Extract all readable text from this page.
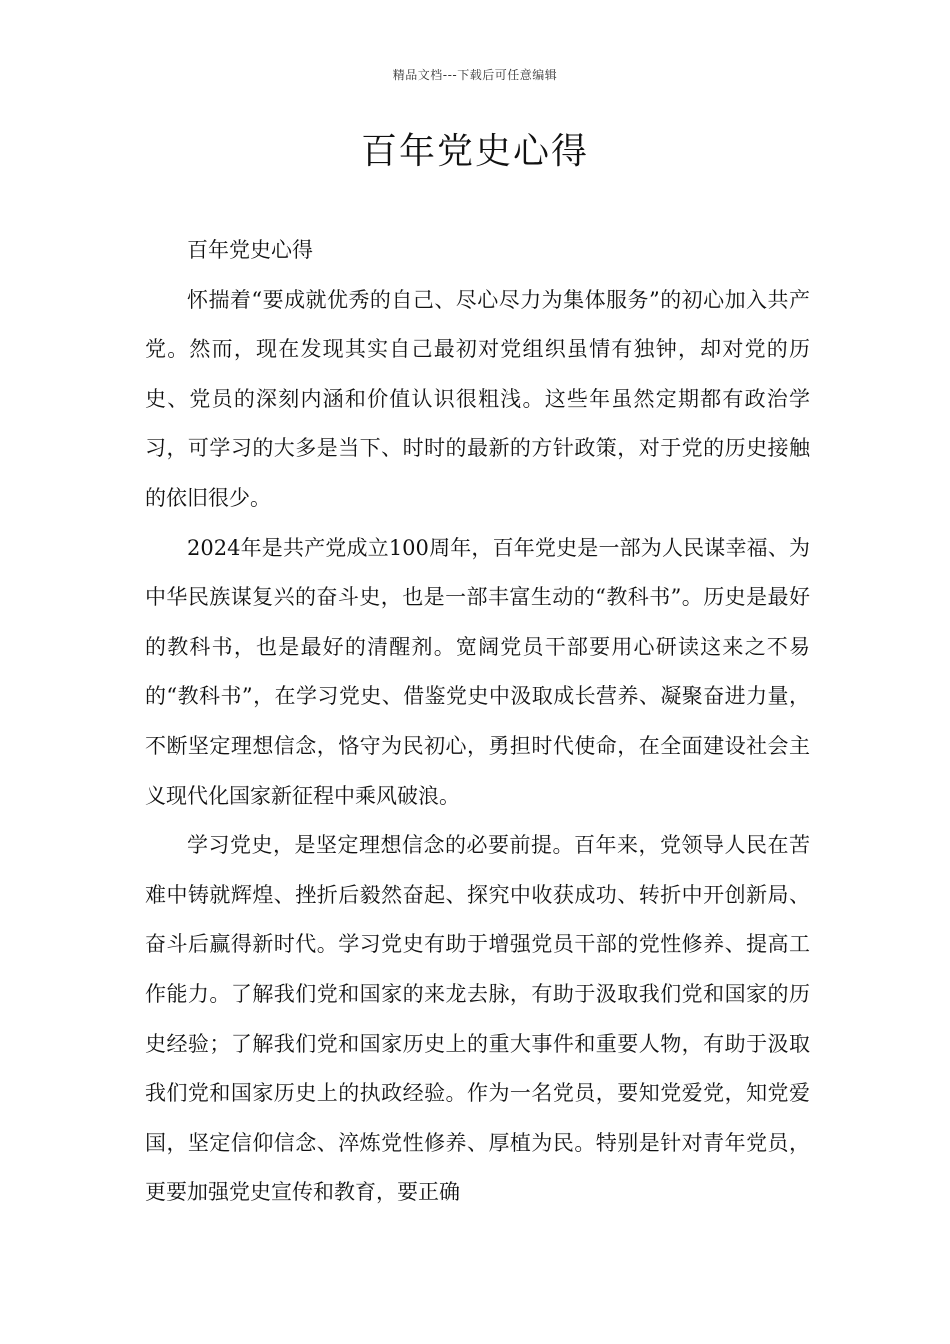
精品文档---下载后可任意编辑
百年党史心得

百年党史心得

怀揣着“要成就优秀的自己、尽心尽力为集体服务”的初心加入共产党。然而，现在发现其实自己最初对党组织虽情有独钟，却对党的历史、党员的深刻内涵和价值认识很粗浅。这些年虽然定期都有政治学习，可学习的大多是当下、时时的最新的方针政策，对于党的历史接触的依旧很少。

2024年是共产党成立100周年，百年党史是一部为人民谋幸福、为中华民族谋复兴的奋斗史，也是一部丰富生动的“教科书”。历史是最好的教科书，也是最好的清醒剂。宽阔党员干部要用心研读这来之不易的“教科书”，在学习党史、借鉴党史中汲取成长营养、凝聚奋进力量，不断坚定理想信念，恪守为民初心，勇担时代使命，在全面建设社会主义现代化国家新征程中乘风破浪。

学习党史，是坚定理想信念的必要前提。百年来，党领导人民在苦难中铸就辉煌、挫折后毅然奋起、探究中收获成功、转折中开创新局、奋斗后赢得新时代。学习党史有助于增强党员干部的党性修养、提高工作能力。了解我们党和国家的来龙去脉，有助于汲取我们党和国家的历史经验；了解我们党和国家历史上的重大事件和重要人物，有助于汲取我们党和国家历史上的执政经验。作为一名党员，要知党爱党，知党爱国，坚定信仰信念、淬炼党性修养、厚植为民。特别是针对青年党员，更要加强党史宣传和教育，要正确
